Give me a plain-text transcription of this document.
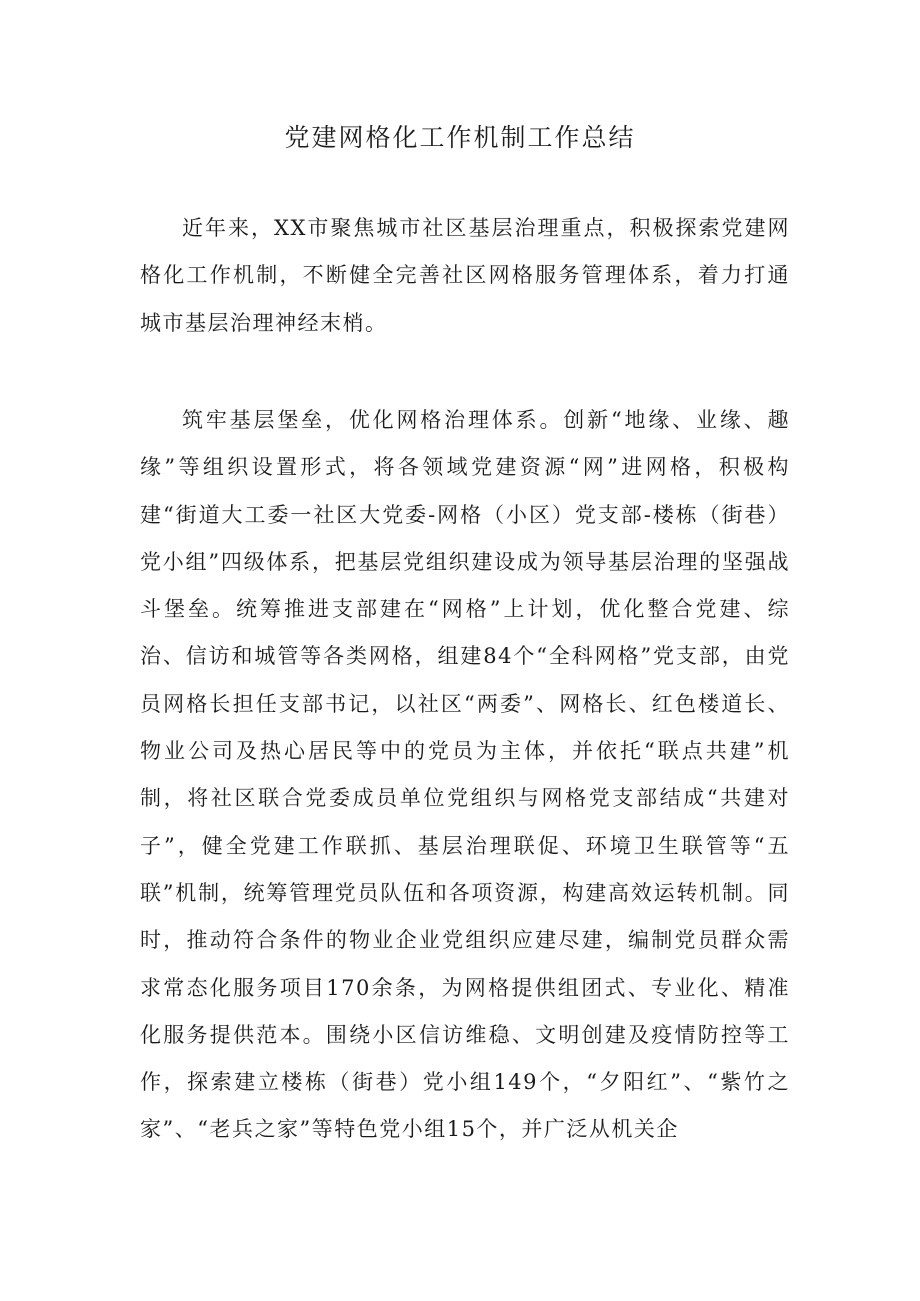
党建网格化工作机制工作总结

近年来，XX市聚焦城市社区基层治理重点，积极探索党建网格化工作机制，不断健全完善社区网格服务管理体系，着力打通城市基层治理神经末梢。

筑牢基层堡垒，优化网格治理体系。创新“地缘、业缘、趣缘”等组织设置形式，将各领域党建资源“网”进网格，积极构建“街道大工委一社区大党委-网格（小区）党支部-楼栋（街巷）党小组”四级体系，把基层党组织建设成为领导基层治理的坚强战斗堡垒。统筹推进支部建在“网格”上计划，优化整合党建、综治、信访和城管等各类网格，组建84个“全科网格”党支部，由党员网格长担任支部书记，以社区“两委”、网格长、红色楼道长、物业公司及热心居民等中的党员为主体，并依托“联点共建”机制，将社区联合党委成员单位党组织与网格党支部结成“共建对子”，健全党建工作联抓、基层治理联促、环境卫生联管等“五联”机制，统筹管理党员队伍和各项资源，构建高效运转机制。同时，推动符合条件的物业企业党组织应建尽建，编制党员群众需求常态化服务项目170余条，为网格提供组团式、专业化、精准化服务提供范本。围绕小区信访维稳、文明创建及疫情防控等工作，探索建立楼栋（街巷）党小组149个，“夕阳红”、“紫竹之家”、“老兵之家”等特色党小组15个，并广泛从机关企
